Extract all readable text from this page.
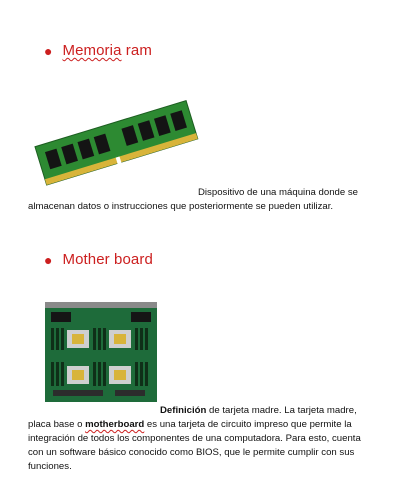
● Memoria ram
Dispositivo de una máquina donde se almacenan datos o instrucciones que posteriormente se pueden utilizar.
● Mother board
Definición de tarjeta madre. La tarjeta madre, placa base o motherboard es una tarjeta de circuito impreso que permite la integración de todos los componentes de una computadora. Para esto, cuenta con un software básico conocido como BIOS, que le permite cumplir con sus funciones.
